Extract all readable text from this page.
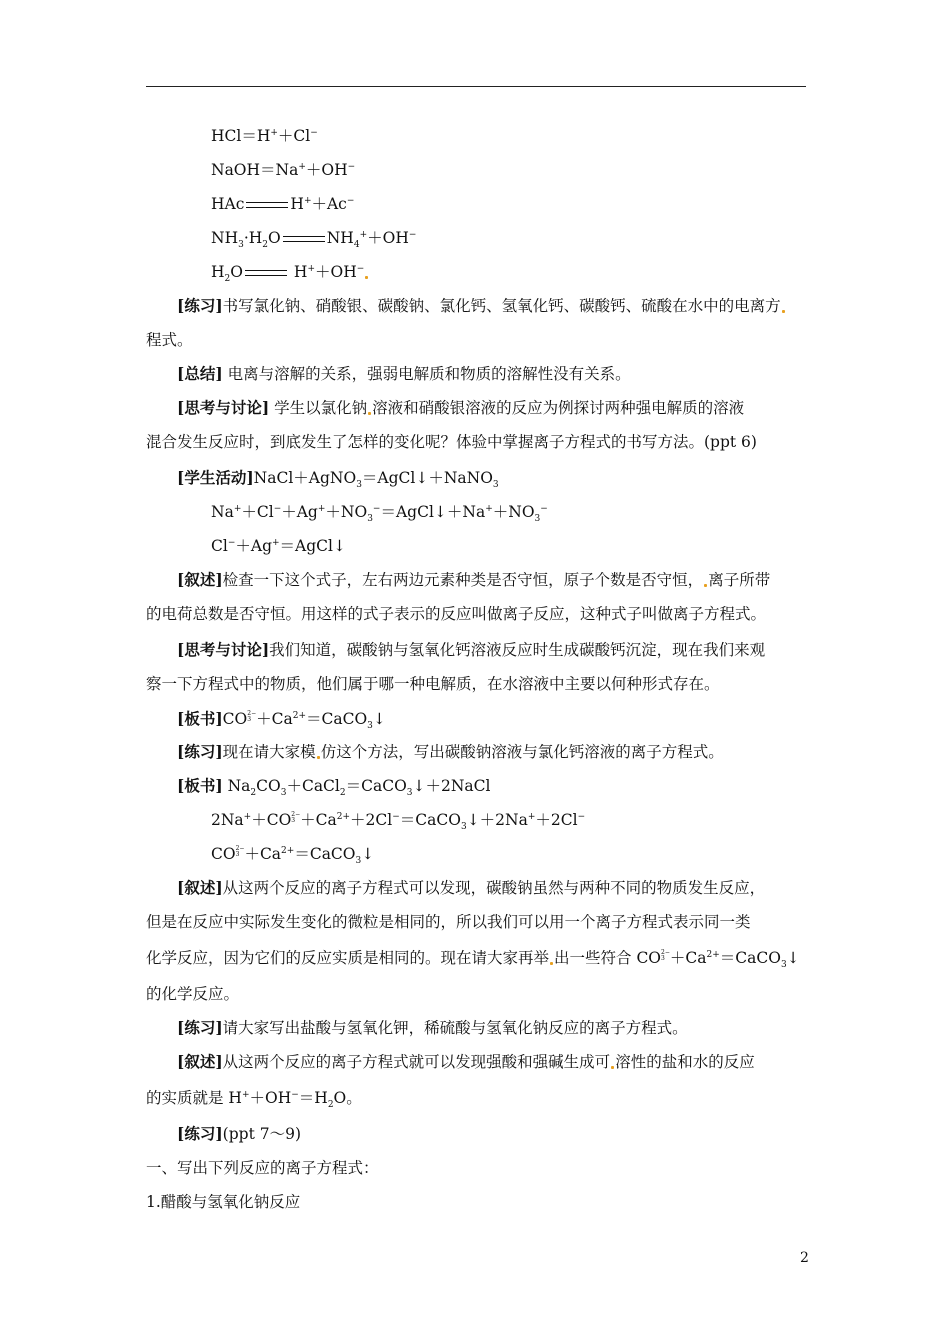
HCl＝H+＋Cl−
NaOH＝Na+＋OH−
HAc	H+＋Ac−
$NH_3\cdot H_2O$	$NH_4^++OH^-$
$H_2O$	H+＋OH−
[练习]书写氯化钠、硝酸银、碳酸钠、氯化钙、氢氧化钙、碳酸钙、硫酸在水中的电离方
程式。
[总结] 电离与溶解的关系，强弱电解质和物质的溶解性没有关系。
[思考与讨论] 学生以氯化钠 溶液和硝酸银溶液的反应为例探讨两种强电解质的溶液
混合发生反应时，到底发生了怎样的变化呢？体验中掌握离子方程式的书写方法。(ppt 6)
[学生活动]NaCl＋AgNO$_3$＝AgCl↓＋NaNO$_3$
$Na^++Cl^-+Ag^++NO_3^-=AgCl↓+Na^++NO_3^-$
Cl−＋Ag+＝AgCl↓
[叙述]检查一下这个式子，左右两边元素种类是否守恒，原子个数是否守恒， 离子所带
的电荷总数是否守恒。用这样的式子表示的反应叫做离子反应，这种式子叫做离子方程式。
[思考与讨论]我们知道，碳酸钠与氢氧化钙溶液反应时生成碳酸钙沉淀，现在我们来观
察一下方程式中的物质，他们属于哪一种电解质，在水溶液中主要以何种形式存在。
[板书]CO2−
$3 +Ca^{2+}=CaCO_3↓$
[练习]现在请大家模 仿这个方法，写出碳酸钠溶液与氯化钙溶液的离子方程式。
[板书] $Na_2CO_3+CaCl_2=CaCO_3↓+2NaCl$
2Na+＋CO2−
$3 +Ca^{2+}+2Cl^-=CaCO_3↓+2Na^++2Cl^-$
CO2−
$3 +Ca^{2+}=CaCO_3↓$
[叙述]从这两个反应的离子方程式可以发现，碳酸钠虽然与两种不同的物质发生反应，
但是在反应中实际发生变化的微粒是相同的，所以我们可以用一个离子方程式表示同一类
化学反应，因为它们的反应实质是相同的。现在请大家再举 出一些符合 CO2−
$3 +Ca^{2+}=CaCO_3↓$
的化学反应。
[练习]请大家写出盐酸与氢氧化钾，稀硫酸与氢氧化钠反应的离子方程式。
[叙述]从这两个反应的离子方程式就可以发现强酸和强碱生成可 溶性的盐和水的反应
的实质就是 $H^++OH^-=H_2O$。
[练习](ppt 7～9)
一、写出下列反应的离子方程式：
1.醋酸与氢氧化钠反应
2
